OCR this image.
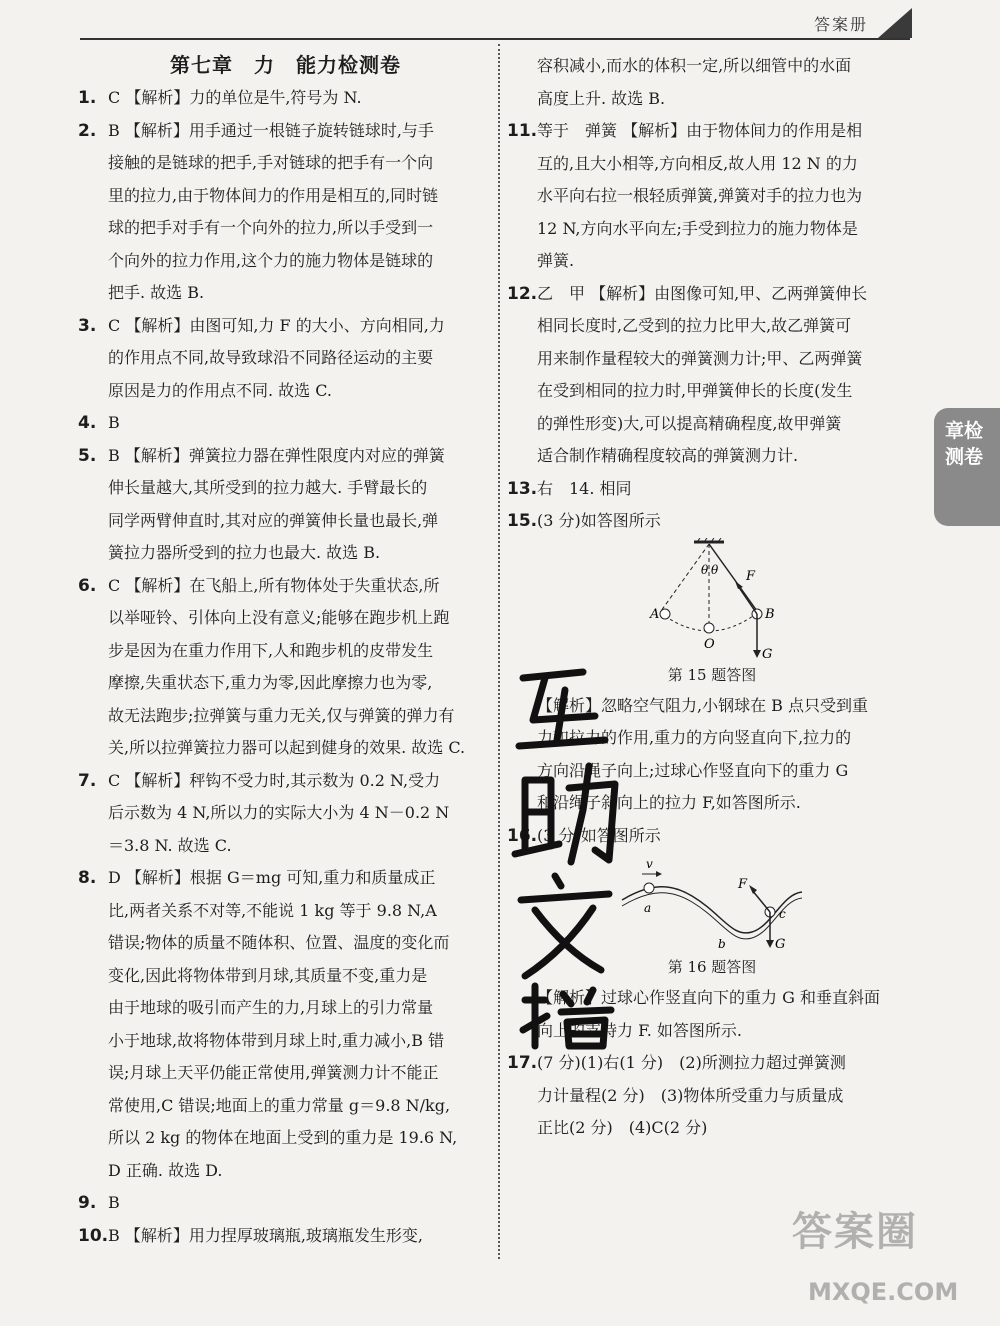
答案册

第七章　力　能力检测卷

1. C 【解析】力的单位是牛,符号为 N.
2. B 【解析】用手通过一根链子旋转链球时,与手
接触的是链球的把手,手对链球的把手有一个向
里的拉力,由于物体间力的作用是相互的,同时链
球的把手对手有一个向外的拉力,所以手受到一
个向外的拉力作用,这个力的施力物体是链球的
把手. 故选 B.
3. C 【解析】由图可知,力 F 的大小、方向相同,力
的作用点不同,故导致球沿不同路径运动的主要
原因是力的作用点不同. 故选 C.
4. B
5. B 【解析】弹簧拉力器在弹性限度内对应的弹簧
伸长量越大,其所受到的拉力越大. 手臂最长的
同学两臂伸直时,其对应的弹簧伸长量也最长,弹
簧拉力器所受到的拉力也最大. 故选 B.
6. C 【解析】在飞船上,所有物体处于失重状态,所
以举哑铃、引体向上没有意义;能够在跑步机上跑
步是因为在重力作用下,人和跑步机的皮带发生
摩擦,失重状态下,重力为零,因此摩擦力也为零,
故无法跑步;拉弹簧与重力无关,仅与弹簧的弹力有
关,所以拉弹簧拉力器可以起到健身的效果. 故选 C.
7. C 【解析】秤钩不受力时,其示数为 0.2 N,受力
后示数为 4 N,所以力的实际大小为 4 N－0.2 N
＝3.8 N. 故选 C.
8. D 【解析】根据 G＝mg 可知,重力和质量成正
比,两者关系不对等,不能说 1 kg 等于 9.8 N,A
错误;物体的质量不随体积、位置、温度的变化而
变化,因此将物体带到月球,其质量不变,重力是
由于地球的吸引而产生的力,月球上的引力常量
小于地球,故将物体带到月球上时,重力减小,B 错
误;月球上天平仍能正常使用,弹簧测力计不能正
常使用,C 错误;地面上的重力常量 g＝9.8 N/kg,
所以 2 kg 的物体在地面上受到的重力是 19.6 N,
D 正确. 故选 D.
9. B
10. B 【解析】用力捏厚玻璃瓶,玻璃瓶发生形变,
容积减小,而水的体积一定,所以细管中的水面
高度上升. 故选 B.
11. 等于　弹簧 【解析】由于物体间力的作用是相
互的,且大小相等,方向相反,故人用 12 N 的力
水平向右拉一根轻质弹簧,弹簧对手的拉力也为
12 N,方向水平向左;手受到拉力的施力物体是
弹簧.
12. 乙　甲 【解析】由图像可知,甲、乙两弹簧伸长
相同长度时,乙受到的拉力比甲大,故乙弹簧可
用来制作量程较大的弹簧测力计;甲、乙两弹簧
在受到相同的拉力时,甲弹簧伸长的长度(发生
的弹性形变)大,可以提高精确程度,故甲弹簧
适合制作精确程度较高的弹簧测力计.
13. 右　14. 相同
15. (3 分)如答图所示
θ θ F
A	B
O
G

第 15 题答图

【解析】忽略空气阻力,小钢球在 B 点只受到重
力和拉力的作用,重力的方向竖直向下,拉力的
方向沿绳子向上;过球心作竖直向下的重力 G
和沿绳子斜向上的拉力 F,如答图所示.
16. (3 分)如答图所示
v
a
b
F
G
c

第 16 题答图

【解析】过球心作竖直向下的重力 G 和垂直斜面
向上的支持力 F. 如答图所示.
17. (7 分)(1)右(1 分)　(2)所测拉力超过弹簧测
力计量程(2 分)　(3)物体所受重力与质量成
正比(2 分)　(4)C(2 分)
章检测卷
答案圈
MXQE.COM
